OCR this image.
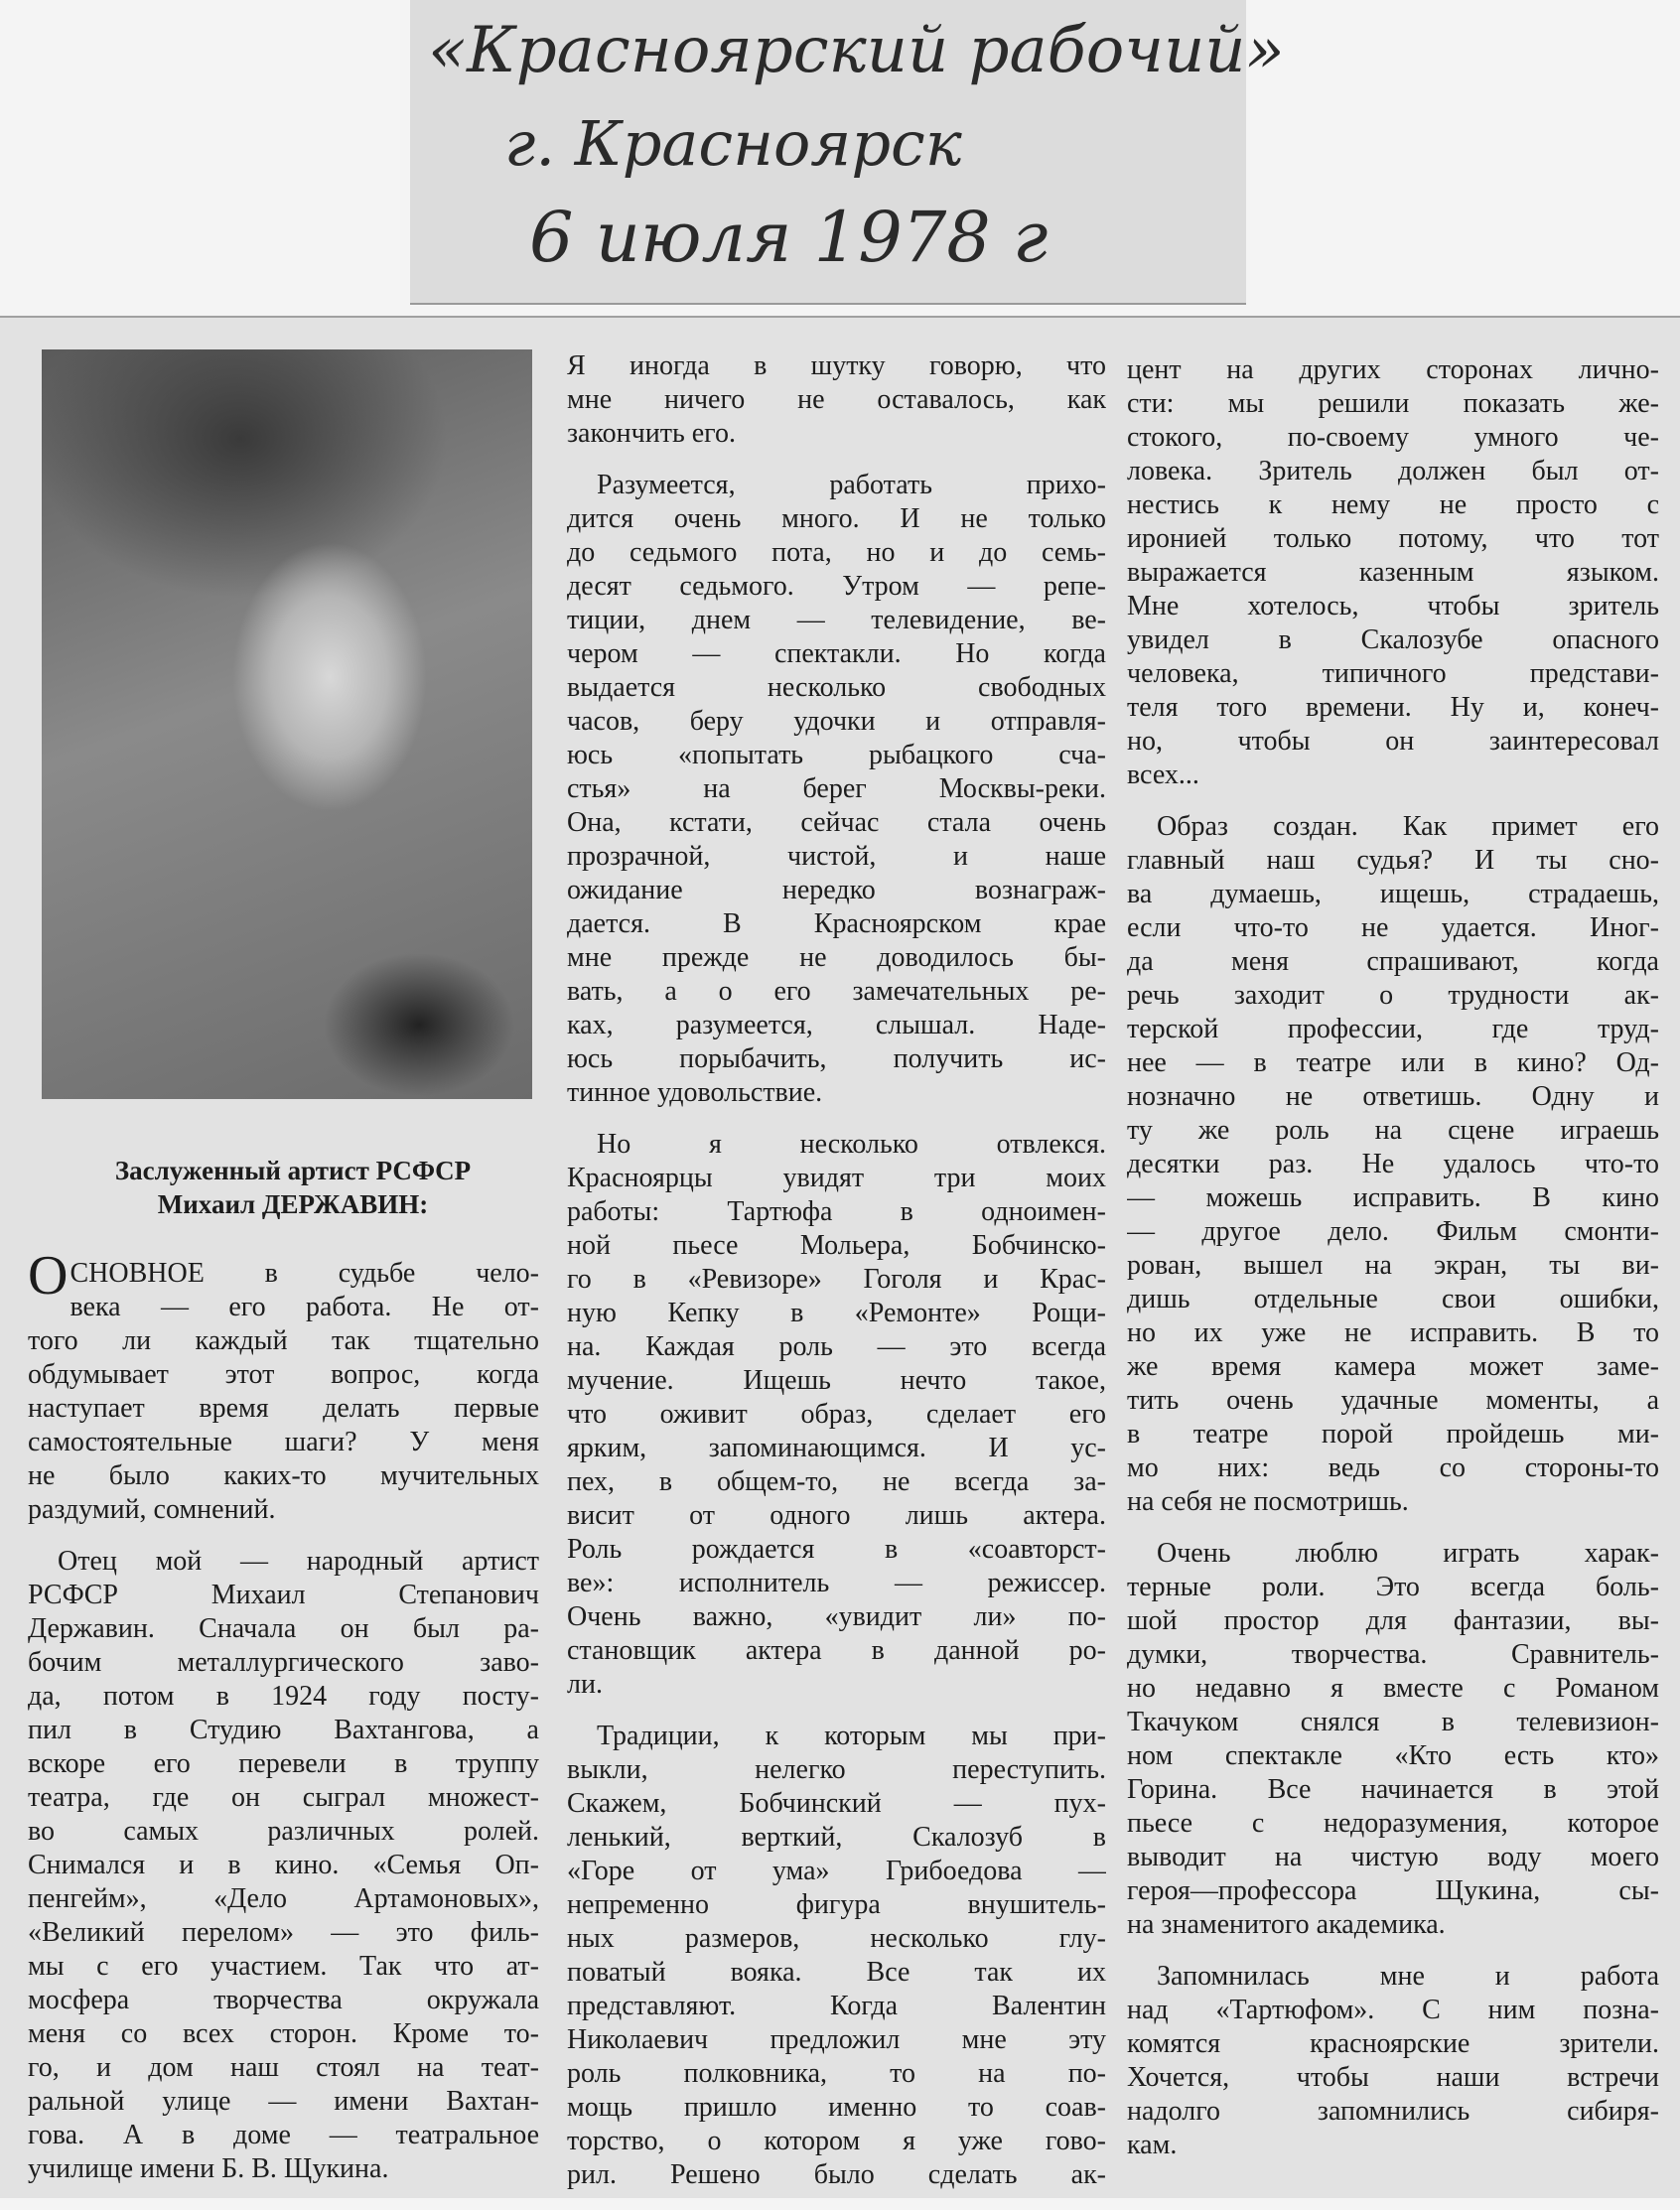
«Красноярский рабочий»
г. Красноярск
6 июля 1978 г
Заслуженный артист РСФСР
Михаил ДЕРЖАВИН:
О СНОВНОЕ в судьбе чело-
века — его работа. Не от-
того ли каждый так тщательно
обдумывает этот вопрос, когда
наступает время делать первые
самостоятельные шаги? У меня
не было каких-то мучительных
раздумий, сомнений.
Отец мой — народный артист
РСФСР Михаил Степанович
Державин. Сначала он был ра-
бочим металлургического заво-
да, потом в 1924 году посту-
пил в Студию Вахтангова, а
вскоре его перевели в труппу
театра, где он сыграл множест-
во самых различных ролей.
Снимался и в кино. «Семья Оп-
пенгейм», «Дело Артамоновых»,
«Великий перелом» — это филь-
мы с его участием. Так что ат-
мосфера творчества окружала
меня со всех сторон. Кроме то-
го, и дом наш стоял на теат-
ральной улице — имени Вахтан-
гова. А в доме — театральное
училище имени Б. В. Щукина.
Я иногда в шутку говорю, что
мне ничего не оставалось, как
закончить его.
Разумеется, работать прихо-
дится очень много. И не только
до седьмого пота, но и до семь-
десят седьмого. Утром — репе-
тиции, днем — телевидение, ве-
чером — спектакли. Но когда
выдается несколько свободных
часов, беру удочки и отправля-
юсь «попытать рыбацкого сча-
стья» на берег Москвы-реки.
Она, кстати, сейчас стала очень
прозрачной, чистой, и наше
ожидание нередко вознаграж-
дается. В Красноярском крае
мне прежде не доводилось бы-
вать, а о его замечательных ре-
ках, разумеется, слышал. Наде-
юсь порыбачить, получить ис-
тинное удовольствие.
Но я несколько отвлекся.
Красноярцы увидят три моих
работы: Тартюфа в одноимен-
ной пьесе Мольера, Бобчинско-
го в «Ревизоре» Гоголя и Крас-
ную Кепку в «Ремонте» Рощи-
на. Каждая роль — это всегда
мучение. Ищешь нечто такое,
что оживит образ, сделает его
ярким, запоминающимся. И ус-
пех, в общем-то, не всегда за-
висит от одного лишь актера.
Роль рождается в «соавторст-
ве»: исполнитель — режиссер.
Очень важно, «увидит ли» по-
становщик актера в данной ро-
ли.
Традиции, к которым мы при-
выкли, нелегко переступить.
Скажем, Бобчинский — пух-
ленький, верткий, Скалозуб в
«Горе от ума» Грибоедова —
непременно фигура внушитель-
ных размеров, несколько глу-
поватый вояка. Все так их
представляют. Когда Валентин
Николаевич предложил мне эту
роль полковника, то на по-
мощь пришло именно то соав-
торство, о котором я уже гово-
рил. Решено было сделать ак-
цент на других сторонах лично-
сти: мы решили показать же-
стокого, по-своему умного че-
ловека. Зритель должен был от-
нестись к нему не просто с
иронией только потому, что тот
выражается казенным языком.
Мне хотелось, чтобы зритель
увидел в Скалозубе опасного
человека, типичного представи-
теля того времени. Ну и, конеч-
но, чтобы он заинтересовал
всех...
Образ создан. Как примет его
главный наш судья? И ты сно-
ва думаешь, ищешь, страдаешь,
если что-то не удается. Иног-
да меня спрашивают, когда
речь заходит о трудности ак-
терской профессии, где труд-
нее — в театре или в кино? Од-
нозначно не ответишь. Одну и
ту же роль на сцене играешь
десятки раз. Не удалось что-то
— можешь исправить. В кино
— другое дело. Фильм смонти-
рован, вышел на экран, ты ви-
дишь отдельные свои ошибки,
но их уже не исправить. В то
же время камера может заме-
тить очень удачные моменты, а
в театре порой пройдешь ми-
мо них: ведь со стороны-то
на себя не посмотришь.
Очень люблю играть харак-
терные роли. Это всегда боль-
шой простор для фантазии, вы-
думки, творчества. Сравнитель-
но недавно я вместе с Романом
Ткачуком снялся в телевизион-
ном спектакле «Кто есть кто»
Горина. Все начинается в этой
пьесе с недоразумения, которое
выводит на чистую воду моего
героя—профессора Щукина, сы-
на знаменитого академика.
Запомнилась мне и работа
над «Тартюфом». С ним позна-
комятся красноярские зрители.
Хочется, чтобы наши встречи
надолго запомнились сибиря-
кам.
